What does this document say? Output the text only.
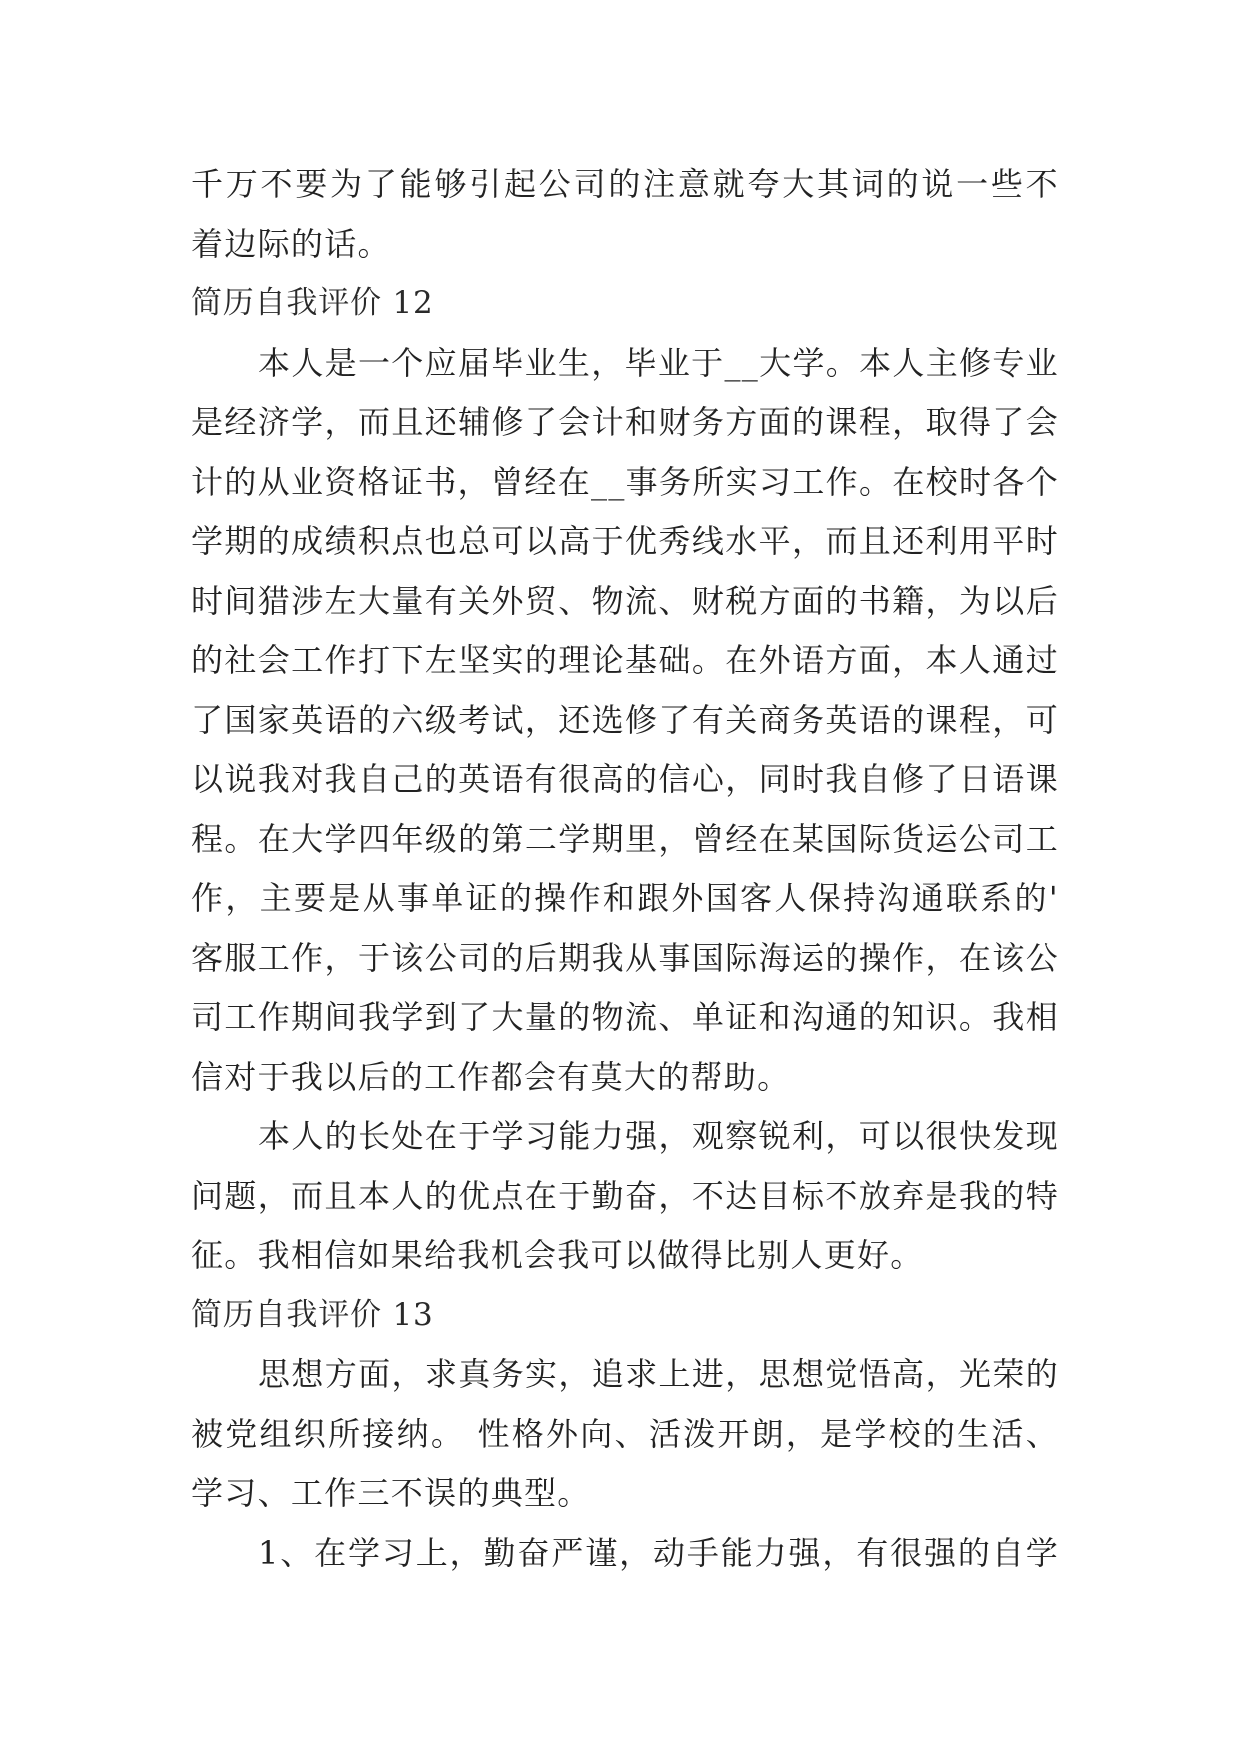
千万不要为了能够引起公司的注意就夸大其词的说一些不
着边际的话。
简历自我评价 12
本人是一个应届毕业生，毕业于__大学。本人主修专业
是经济学，而且还辅修了会计和财务方面的课程，取得了会
计的从业资格证书，曾经在__事务所实习工作。在校时各个
学期的成绩积点也总可以高于优秀线水平，而且还利用平时
时间猎涉左大量有关外贸、物流、财税方面的书籍，为以后
的社会工作打下左坚实的理论基础。在外语方面，本人通过
了国家英语的六级考试，还选修了有关商务英语的课程，可
以说我对我自己的英语有很高的信心，同时我自修了日语课
程。在大学四年级的第二学期里，曾经在某国际货运公司工
作，主要是从事单证的操作和跟外国客人保持沟通联系的'
客服工作，于该公司的后期我从事国际海运的操作，在该公
司工作期间我学到了大量的物流、单证和沟通的知识。我相
信对于我以后的工作都会有莫大的帮助。
本人的长处在于学习能力强，观察锐利，可以很快发现
问题，而且本人的优点在于勤奋，不达目标不放弃是我的特
征。我相信如果给我机会我可以做得比别人更好。
简历自我评价 13
思想方面，求真务实，追求上进，思想觉悟高，光荣的
被党组织所接纳。 性格外向、活泼开朗，是学校的生活、
学习、工作三不误的典型。
1、在学习上，勤奋严谨，动手能力强，有很强的自学
